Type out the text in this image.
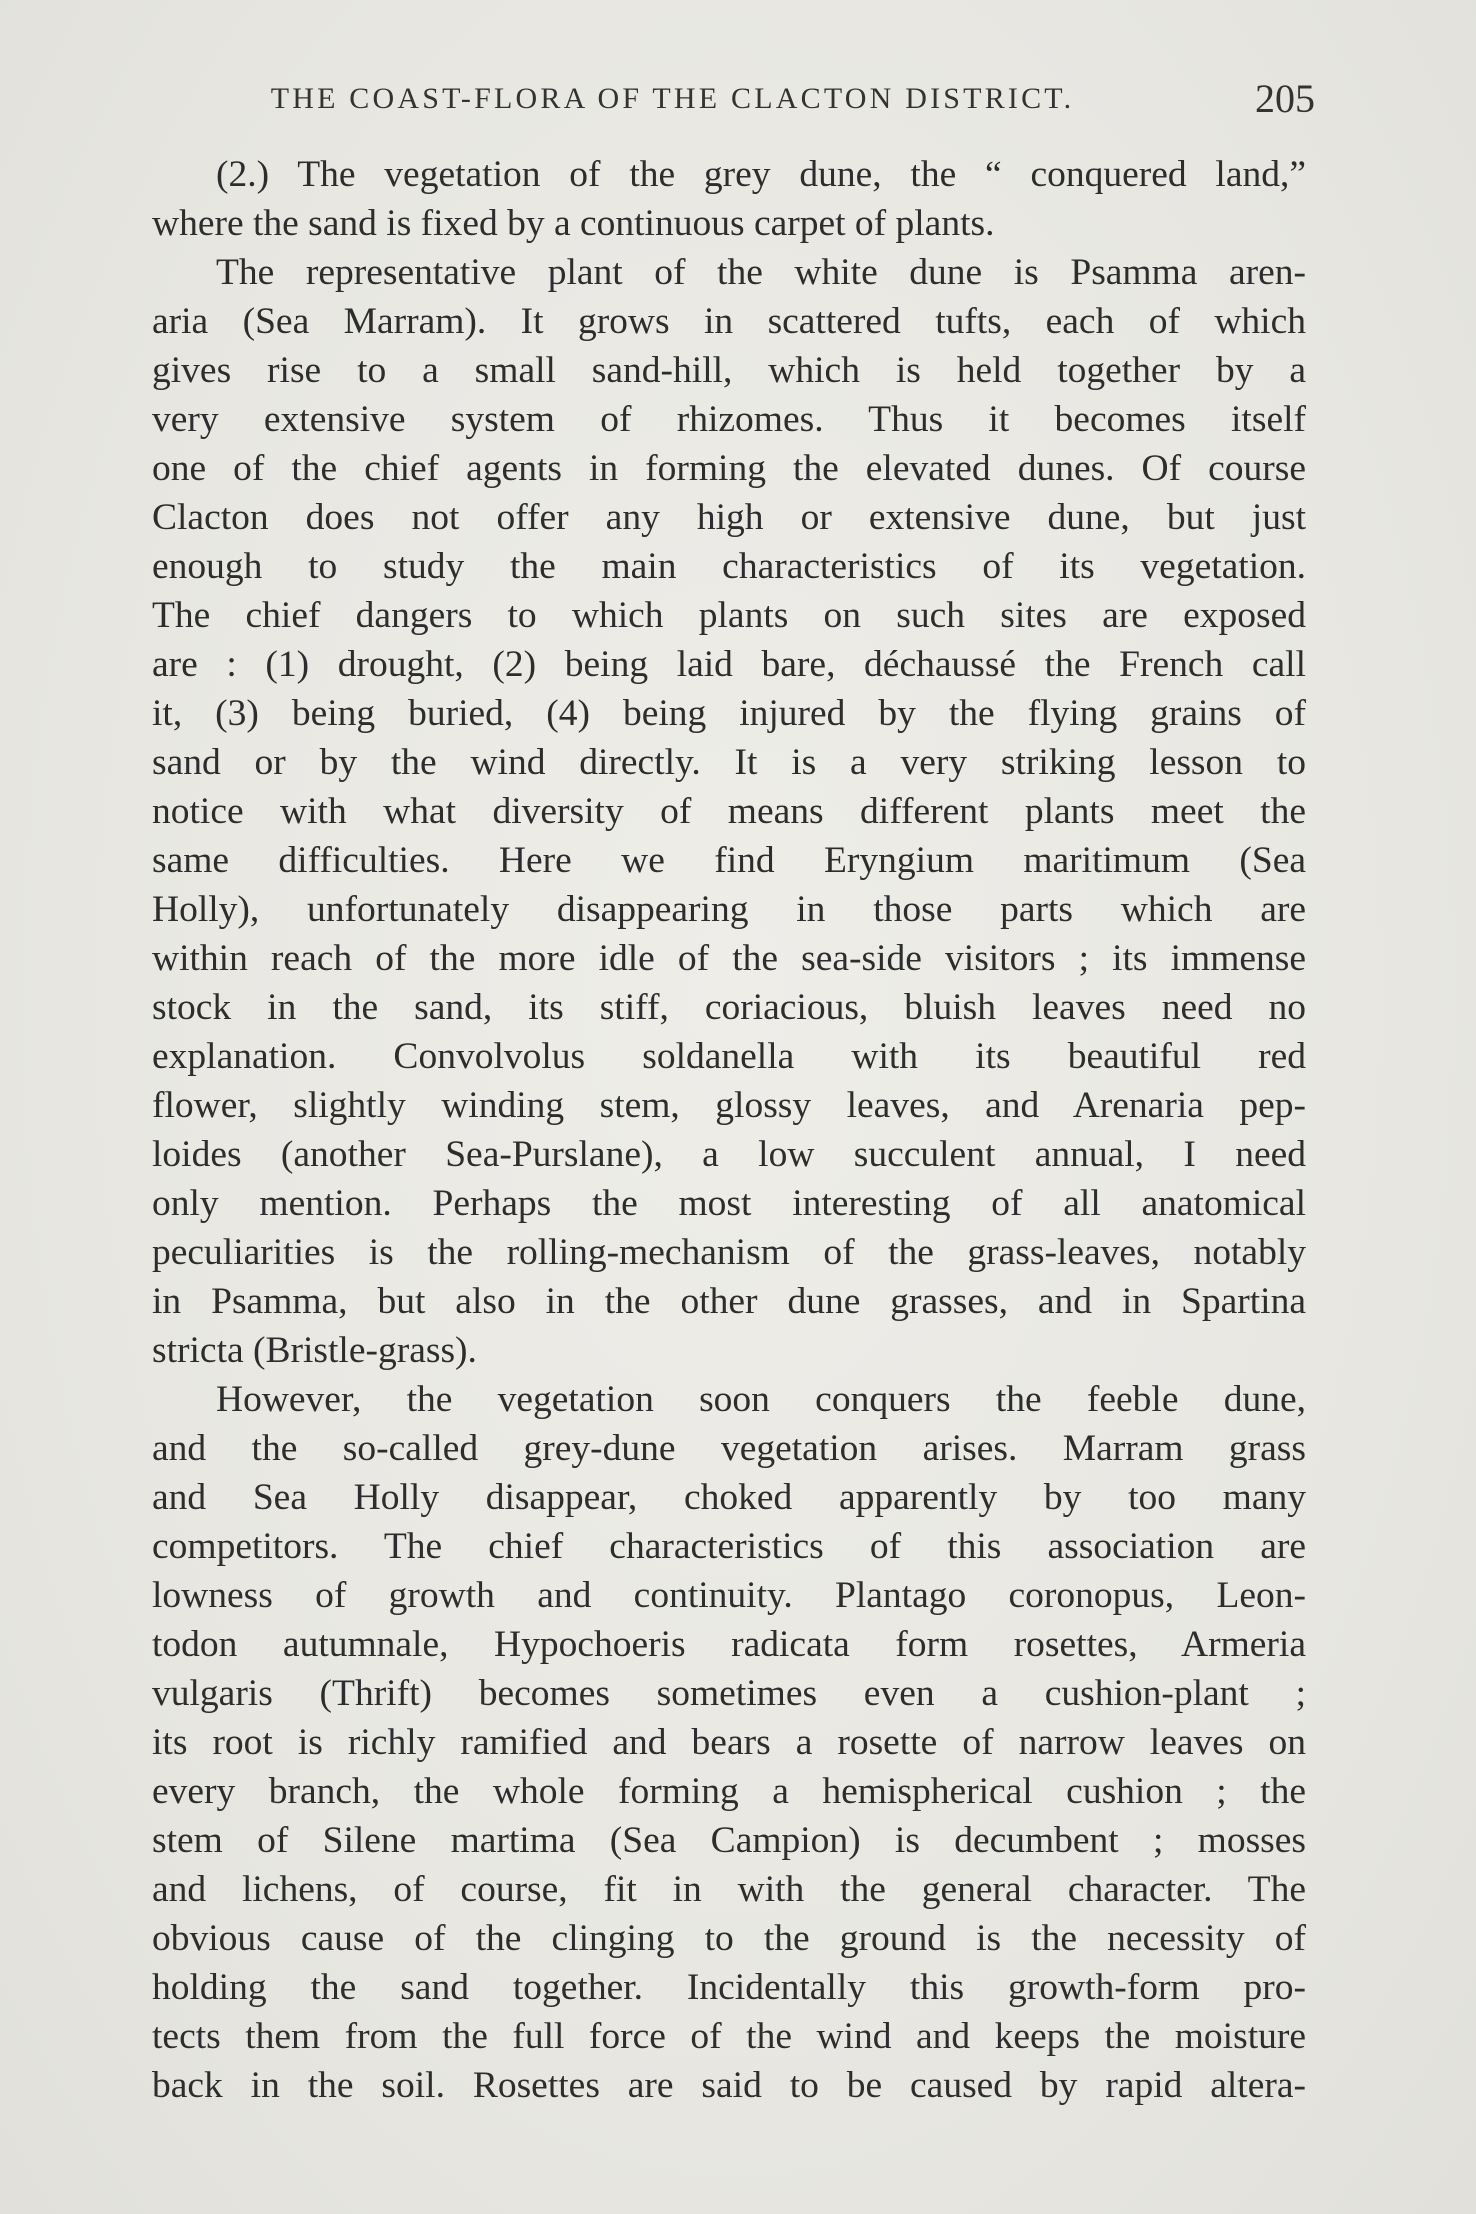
THE COAST-FLORA OF THE CLACTON DISTRICT.	205
(2.) The vegetation of the grey dune, the “ conquered land,”
where the sand is fixed by a continuous carpet of plants.
The representative plant of the white dune is Psamma aren-
aria (Sea Marram). It grows in scattered tufts, each of which
gives rise to a small sand-hill, which is held together by a
very extensive system of rhizomes. Thus it becomes itself
one of the chief agents in forming the elevated dunes. Of course
Clacton does not offer any high or extensive dune, but just
enough to study the main characteristics of its vegetation.
The chief dangers to which plants on such sites are exposed
are : (1) drought, (2) being laid bare, déchaussé the French call
it, (3) being buried, (4) being injured by the flying grains of
sand or by the wind directly. It is a very striking lesson to
notice with what diversity of means different plants meet the
same difficulties. Here we find Eryngium maritimum (Sea
Holly), unfortunately disappearing in those parts which are
within reach of the more idle of the sea-side visitors ; its immense
stock in the sand, its stiff, coriacious, bluish leaves need no
explanation. Convolvolus soldanella with its beautiful red
flower, slightly winding stem, glossy leaves, and Arenaria pep-
loides (another Sea-Purslane), a low succulent annual, I need
only mention. Perhaps the most interesting of all anatomical
peculiarities is the rolling-mechanism of the grass-leaves, notably
in Psamma, but also in the other dune grasses, and in Spartina
stricta (Bristle-grass).
However, the vegetation soon conquers the feeble dune,
and the so-called grey-dune vegetation arises. Marram grass
and Sea Holly disappear, choked apparently by too many
competitors. The chief characteristics of this association are
lowness of growth and continuity. Plantago coronopus, Leon-
todon autumnale, Hypochoeris radicata form rosettes, Armeria
vulgaris (Thrift) becomes sometimes even a cushion-plant ;
its root is richly ramified and bears a rosette of narrow leaves on
every branch, the whole forming a hemispherical cushion ; the
stem of Silene martima (Sea Campion) is decumbent ; mosses
and lichens, of course, fit in with the general character. The
obvious cause of the clinging to the ground is the necessity of
holding the sand together. Incidentally this growth-form pro-
tects them from the full force of the wind and keeps the moisture
back in the soil. Rosettes are said to be caused by rapid altera-
